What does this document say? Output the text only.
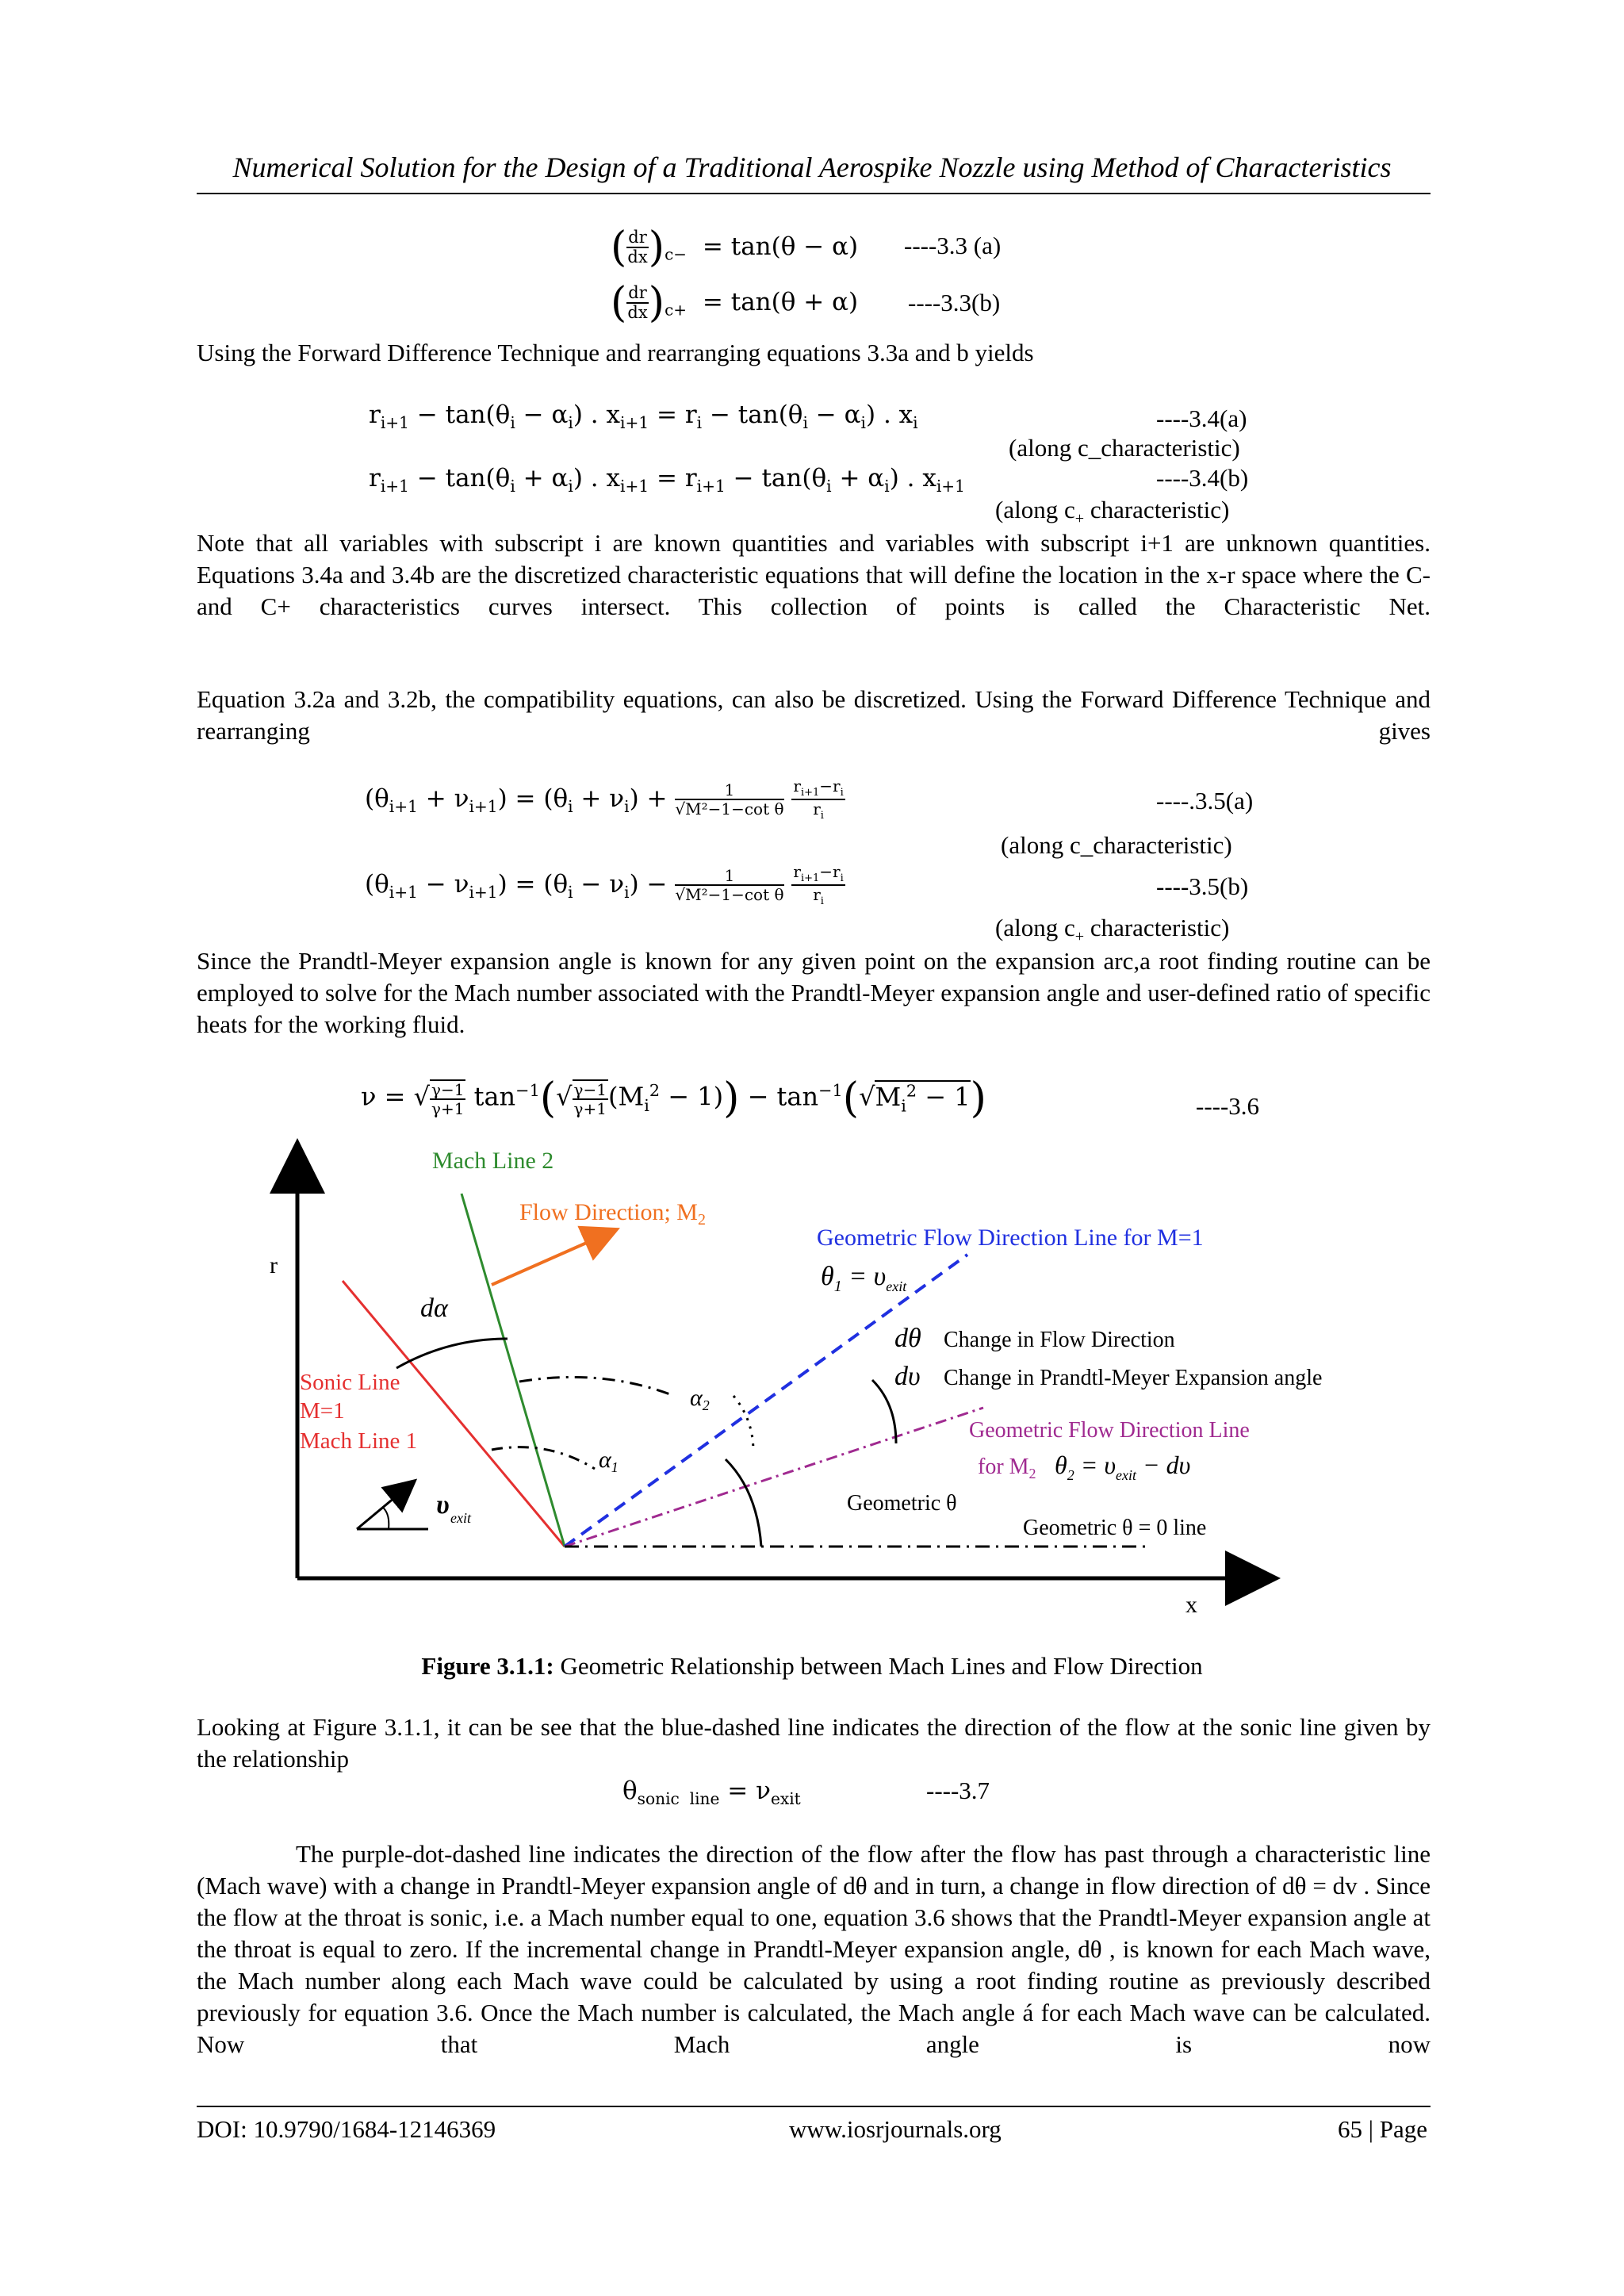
Numerical Solution for the Design of a Traditional Aerospike Nozzle using Method of Characteristics
( $\frac{dr}{dx} )_{c-} = \tan(\theta - \alpha)$ ----3.3 (a)
( $\frac{dr}{dx} )_{c+} = \tan(\theta + \alpha)$ ----3.3(b)
Using the Forward Difference Technique and rearranging equations 3.3a and b yields
$r_{i+1} - \tan(\theta_i - \alpha_i)$ . $x_{i+1} = r_i - \tan(\theta_i - \alpha_i)$ . $x_i$	----3.4(a)
(along c_characteristic)
$r_{i+1} - \tan(\theta_i + \alpha_i)$ . $x_{i+1} = r_{i+1} - \tan(\theta_i + \alpha_i)$ . $x_{i+1}$	----3.4(b)
(along $c_+$ characteristic)
Note that all variables with subscript i are known quantities and variables with subscript i+1 are unknown quantities. Equations 3.4a and 3.4b are the discretized characteristic equations that will define the location in the x-r space where the C- and C+ characteristics curves intersect. This collection of points is called the Characteristic Net.
Equation 3.2a and 3.2b, the compatibility equations, can also be discretized. Using the Forward Difference Technique and rearranging gives
$(\theta_{i+1} + \nu_{i+1}) = (\theta_i + \nu_i) + \frac{1}{\text{√M²−1−cot θ}}$
$\frac{r_{i+1}-r_i}{r_i}$	----.3.5(a)
(along c_characteristic)
$(\theta_{i+1} - \nu_{i+1}) = (\theta_i - \nu_i) - \frac{1}{\text{√M²−1−cot θ}}$
$\frac{r_{i+1}-r_i}{r_i}$	----3.5(b)
(along $c_+$ characteristic)
Since the Prandtl-Meyer expansion angle is known for any given point on the expansion arc,a root finding routine can be employed to solve for the Mach number associated with the Prandtl-Meyer expansion angle and user-defined ratio of specific heats for the working fluid.
ν = √ $\frac{\gamma-1}{\gamma+1} \tan^{-1}(√ \frac{\gamma-1}{\gamma+1} (M_i^2 - 1)) - \tan^{-1}(√M_i^2 - 1)$	----3.6
r
x
υ exit
Mach Line 2
Flow Direction; $M_2$
Geometric Flow Direction Line for M=1
$\theta_1 = \upsilon_{exit}$
dα
dθ Change in Flow Direction
dυ Change in Prandtl-Meyer Expansion angle
Geometric Flow Direction Line
for $M_2$ $\theta_2 = \upsilon_{exit} - d\upsilon$
$\alpha_2$
$\alpha_1$
Sonic Line
M=1
Mach Line 1
Geometric θ
Geometric θ = 0 line
Figure 3.1.1: Geometric Relationship between Mach Lines and Flow Direction
Looking at Figure 3.1.1, it can be see that the blue-dashed line indicates the direction of the flow at the sonic line given by the relationship
$\theta_{sonic line} = \nu_{exit}$	----3.7
The purple-dot-dashed line indicates the direction of the flow after the flow has past through a characteristic line (Mach wave) with a change in Prandtl-Meyer expansion angle of dθ and in turn, a change in flow direction of dθ = dv . Since the flow at the throat is sonic, i.e. a Mach number equal to one, equation 3.6 shows that the Prandtl-Meyer expansion angle at the throat is equal to zero. If the incremental change in Prandtl-Meyer expansion angle, dθ , is known for each Mach wave, the Mach number along each Mach wave could be calculated by using a root finding routine as previously described previously for equation 3.6. Once the Mach number is calculated, the Mach angle á for each Mach wave can be calculated. Now that Mach angle is now
DOI: 10.9790/1684-12146369	www.iosrjournals.org	65 | Page
